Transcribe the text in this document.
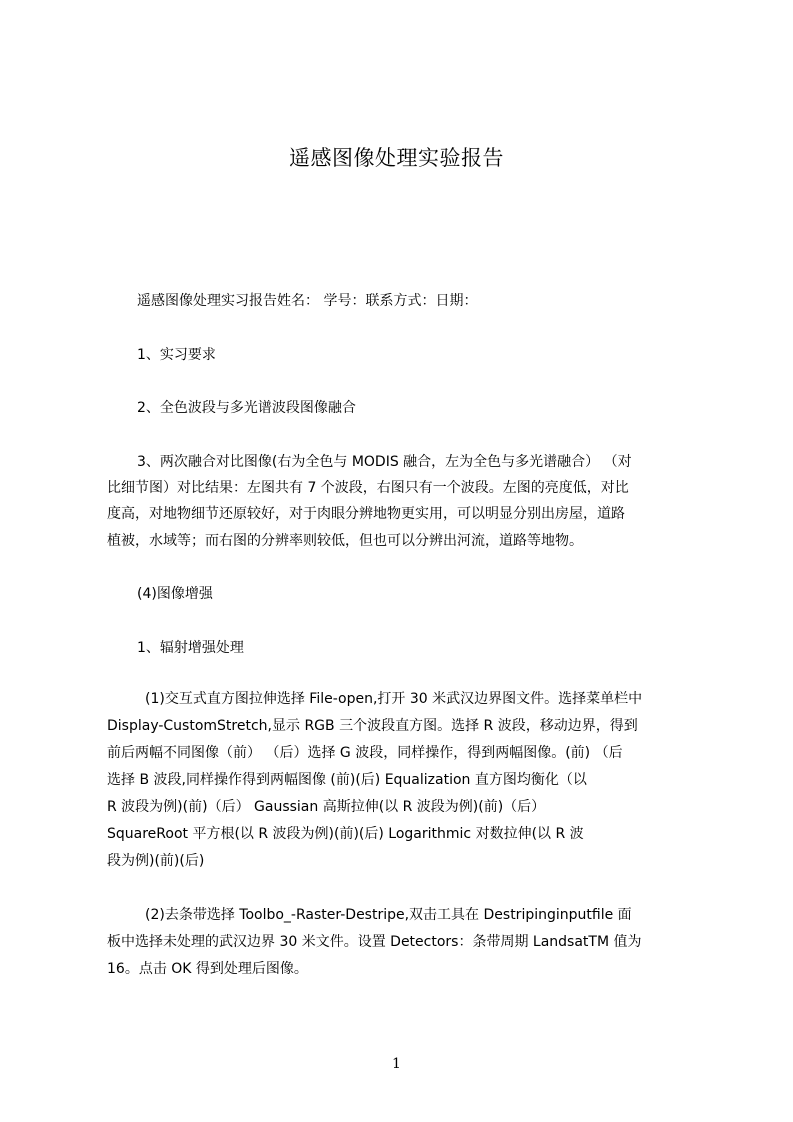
遥感图像处理实验报告
遥感图像处理实习报告姓名： 学号：联系方式：日期：
1、实习要求
2、全色波段与多光谱波段图像融合
3、两次融合对比图像(右为全色与 MODIS 融合，左为全色与多光谱融合） （对
比细节图）对比结果：左图共有 7 个波段，右图只有一个波段。左图的亮度低，对比
度高，对地物细节还原较好，对于肉眼分辨地物更实用，可以明显分别出房屋，道路
植被，水域等；而右图的分辨率则较低，但也可以分辨出河流，道路等地物。
(4)图像增强
1、辐射增强处理
(1)交互式直方图拉伸选择 File-open,打开 30 米武汉边界图文件。选择菜单栏中
Display-CustomStretch,显示 RGB 三个波段直方图。选择 R 波段，移动边界，得到
前后两幅不同图像（前） （后）选择 G 波段，同样操作，得到两幅图像。(前) （后
选择 B 波段,同样操作得到两幅图像 (前)(后) Equalization 直方图均衡化（以
R 波段为例)(前)（后） Gaussian 高斯拉伸(以 R 波段为例)(前)（后）
SquareRoot 平方根(以 R 波段为例)(前)(后) Logarithmic 对数拉伸(以 R 波
段为例)(前)(后)
(2)去条带选择 Toolbo_-Raster-Destripe,双击工具在 Destripinginputfile 面
板中选择未处理的武汉边界 30 米文件。设置 Detectors：条带周期 LandsatTM 值为
16。点击 OK 得到处理后图像。
1
